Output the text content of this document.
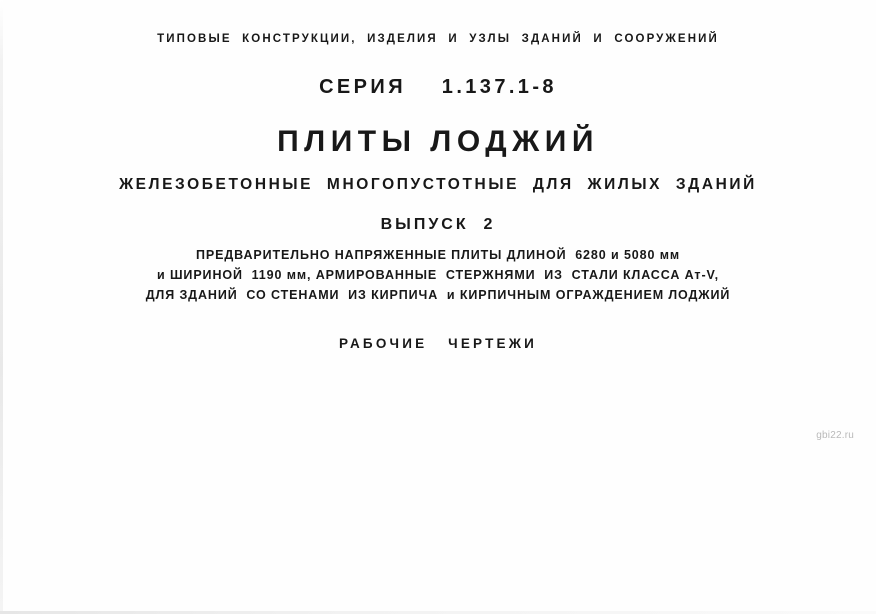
ТИПОВЫЕ  КОНСТРУКЦИИ,  ИЗДЕЛИЯ  И  УЗЛЫ  ЗДАНИЙ  И  СООРУЖЕНИЙ
СЕРИЯ    1.137.1-8
ПЛИТЫ ЛОДЖИЙ
ЖЕЛЕЗОБЕТОННЫЕ  МНОГОПУСТОТНЫЕ  ДЛЯ  ЖИЛЫХ  ЗДАНИЙ
ВЫПУСК  2
ПРЕДВАРИТЕЛЬНО НАПРЯЖЕННЫЕ ПЛИТЫ ДЛИНОЙ  6280 и 5080 мм
и ШИРИНОЙ  1190 мм, АРМИРОВАННЫЕ  СТЕРЖНЯМИ  ИЗ  СТАЛИ КЛАССА Ат-V,
ДЛЯ ЗДАНИЙ  СО СТЕНАМИ  ИЗ КИРПИЧА  и КИРПИЧНЫМ ОГРАЖДЕНИЕМ ЛОДЖИЙ
РАБОЧИЕ   ЧЕРТЕЖИ
gbi22.ru
